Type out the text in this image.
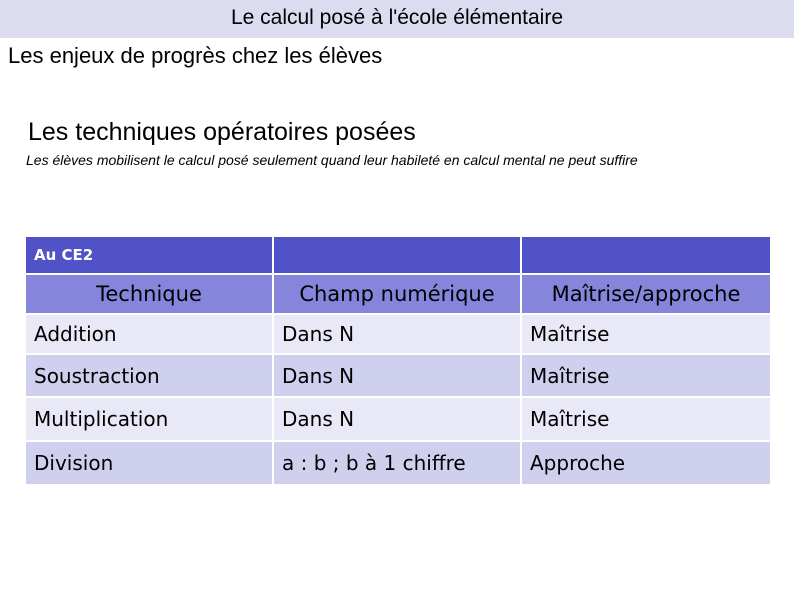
Le calcul posé à l'école élémentaire
Les enjeux de progrès chez les élèves
Les techniques opératoires posées
Les élèves mobilisent le calcul posé seulement quand leur habileté en calcul mental ne peut suffire
Au CE2		
Technique	Champ numérique	Maîtrise/approche
Addition	Dans N	Maîtrise
Soustraction	Dans N	Maîtrise
Multiplication	Dans N	Maîtrise
Division	a : b ; b à 1 chiffre	Approche
